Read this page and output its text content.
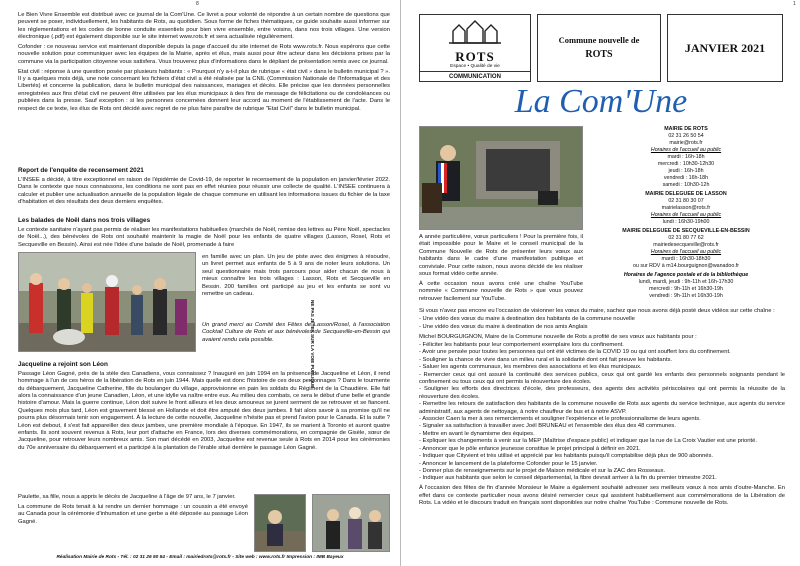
8

Le Bien Vivre Ensemble est distribué avec ce journal de la Com'Une. Ce livret a pour volonté de répondre à un certain nombre de questions que peuvent se poser, individuellement, les habitants de Rots, au quotidien. Sous forme de fiches thématiques, ce guide souhaite aussi informer sur les réglementations et les codes de bonne conduite essentiels pour bien vivre ensemble, entre voisins, dans nos trois villages. Une version électronique (.pdf) est également disponible sur le site internet www.rots.fr et sera actualisée régulièrement.

Cofonder : ce nouveau service est maintenant disponible depuis la page d'accueil du site internet de Rots www.rots.fr. Nous espérons que cette nouvelle solution pour communiquer avec les équipes de la Mairie, après et élus, mais aussi pour être acteur dans les décisions prises par la commune via la participation citoyenne vous satisfera. Vous trouverez plus d'informations dans le dépliant de présentation remis avec ce journal.

Etat civil : réponse à une question posée par plusieurs habitants : « Pourquoi n'y a-t-il plus de rubrique « état civil » dans le bulletin municipal ? ». Il y a quelques mois déjà, une note concernant les fichiers d'état civil a été réalisée par la CNIL (Commission Nationale de l'Informatique et des Libertés) et concerne la publication, dans le bulletin municipal des naissances, mariages et décès. Elle précise que les données personnelles enregistrées aux fins d'état civil ne peuvent être utilisées par les élus municipaux à des fins de message de félicitations ou de condoléances ou publiées dans la presse. Sauf exception : si les personnes concernées donnent leur accord au moment de l'établissement de l'acte. Dans le respect de ce texte, les élus de Rots ont décidé avec regret de ne plus faire paraître de rubrique "Etat Civil" dans le bulletin municipal.

Report de l'enquête de recensement 2021

L'INSEE a décidé, à titre exceptionnel en raison de l'épidémie de Covid-19, de reporter le recensement de la population en janvier/février 2022. Dans le contexte que nous connaissons, les conditions ne sont pas en effet réunies pour réussir une collecte de qualité. L'INSEE continuera à calculer et publier une actualisation annuelle de la population légale de chaque commune en utilisant les informations issues du fichier de la taxe d'habitation et des résultats des deux derniers enquêtes.

Les balades de Noël dans nos trois villages

Le contexte sanitaire n'ayant pas permis de réaliser les manifestations habituelles (marchés de Noël, remise des lettres au Père Noël, spectacles de Noël...), des bénévoles de Rots ont souhaité maintenir la magie de Noël pour les enfants de quatre villages (Lasson, Rosel, Rots et Secqueville en Bessin). Ainsi est née l'idée d'une balade de Noël, promenade à faire

en famille avec un plan. Un jeu de piste avec des énigmes à résoudre, un livret permet aux enfants de 5 à 9 ans de noter leurs solutions. Un seul questionnaire mais trois parcours pour aider chacun de nous à mieux connaître les trois villages : Lasson, Rots et Secqueville en Bessin. 200 familles ont participé au jeu et les enfants se sont vu remettre un cadeau.

Un grand merci au Comité des Fêtes de Lasson/Rosel, à l'association Cocktail Culture de Rots et aux bénévoles de Secqueville-en-Bessin qui avaient rendu cela possible.

Jacqueline a rejoint son Léon

Passage Léon Gagné, près de la stèle des Canadiens, vous connaissez ? Inauguré en juin 1994 en la présence de Jacqueline et Léon, il rend hommage à l'un de ces héros de la libération de Rots en juin 1944. Mais quelle est donc l'histoire de ces deux personnages ? Dans le tourmente du débarquement, Jacqueline Catherine, fille du boulanger du village, approvisionne en pain les soldats du Régiment de la Chaudière. Elle fait alors la connaissance d'un jeune Canadien, Léon, et une idylle va naître entre eux. Au milieu des combats, ce sera le début d'une belle et grande histoire d'amour. Mais la guerre continue, Léon doit suivre le front ailleurs et les deux amoureux se jurent serment de se retrouver et se fiancent. Quelques mois plus tard, Léon est gravement blessé en Hollande et doit être amputé des deux jambes. Il fait alors savoir à sa promise qu'il ne pourra plus désormais tenir son engagement. À la lecture de cette nouvelle, Jacqueline n'hésite pas et prend l'avion pour le Canada. Et la suite ? Léon est debout, il s'est fait appareiller des deux jambes, une première mondiale à l'époque. En 1947, ils se marient à Toronto et auront quatre enfants. Ils sont souvent revenus à Rots, leur port d'attache en France, lors des diverses commémorations, en compagnie de Gisèle, sœur de Jacqueline, pour retrouver leurs nombreux amis. Son mari décédé en 2003, Jacqueline est revenue seule à Rots en 2014 pour les cérémonies du 70e anniversaire du débarquement et a participé à la plantation de l'érable situé derrière le passage Léon Gagné.

Paulette, sa fille, nous a appris le décès de Jacqueline à l'âge de 97 ans, le 7 janvier.

La commune de Rots tenait à lui rendre un dernier hommage : un coussin a été envoyé au Canada pour la cérémonie d'inhumation et une gerbe a été déposée au passage Léon Gagné.

Réalisation Mairie de Rots - Tél. : 02 31 26 50 54 - Email : mairiedrots@rots.fr - Site web : www.rots.fr Impression : IMB Bayeux
NE PAS JETER SUR LA VOIE PUBLIQUE
1
ROTS
Espace • Qualité de vie
COMMUNICATION
Commune nouvelle de
ROTS	JANVIER 2021
La Com'Une
MAIRIE DE ROTS
02 31 26 50 54
mairie@rots.fr
Horaires de l'accueil au public
mardi : 16h-18h
mercredi : 10h30-12h30
jeudi : 16h-18h
vendredi : 16h-18h
samedi : 10h30-12h
MAIRIE DELEGUEE DE LASSON
02 31 80 30 07
mairielasson@rots.fr
Horaires de l'accueil au public
lundi : 16h30-19h00
MAIRIE DELEGUEE DE SECQUEVILLE-EN-BESSIN
02 31 80 77 62
mairiedesecqueville@rots.fr
Horaires de l'accueil au public
mardi : 16h30-18h30
ou sur RDV à m14.bourguignon@wanadoo.fr
Horaires de l'agence postale et de la bibliothèque
lundi, mardi, jeudi : 9h-11h et 16h-17h30
mercredi : 9h-11h et 16h30-19h
vendredi : 9h-11h et 16h30-19h

À année particulière, vœux particuliers ! Pour la première fois, il était impossible pour le Maire et le conseil municipal de la Commune Nouvelle de Rots de présenter leurs vœux aux habitants dans le cadre d'une manifestation publique et conviviale. Pour cette raison, nous avons décidé de les réaliser sous format vidéo cette année.

À cette occasion nous avons créé une chaîne YouTube nommée « Commune nouvelle de Rots » que vous pouvez retrouver facilement sur YouTube.

Si vous n'avez pas encore eu l'occasion de visionner les vœux du maire, sachez que nous avons déjà posté deux vidéos sur cette chaîne :

- Une vidéo des vœux du maire à destination des habitants de la commune nouvelle
- Une vidéo des vœux du maire à destination de nos amis Anglais

Michel BOURGUIGNON, Maire de la Commune nouvelle de Rots a profité de ses vœux aux habitants pour :

- Féliciter les habitants pour leur comportement exemplaire lors du confinement.
- Avoir une pensée pour toutes les personnes qui ont été victimes de la COVID 19 ou qui ont souffert lors du confinement.
- Souligner la chance de vivre dans un milieu rural et la solidarité dont ont fait preuve les habitants.
- Saluer les agents communaux, les membres des associations et les élus municipaux.
- Remercier ceux qui ont assuré la continuité des services publics, ceux qui ont gardé les enfants des personnels soignants pendant le confinement ou tous ceux qui ont permis la réouverture des écoles.
- Souligner les efforts des directrices d'école, des professeurs, des agents des activités périscolaires qui ont permis la réussite de la réouverture des écoles.
- Remettre les retours de satisfaction des habitants de la commune nouvelle de Rots aux agents du service technique, aux agents du service administratif, aux agents de nettoyage, à notre chauffeur de bus et à notre ASVP.
- Associer Caen la mer à ses remerciements et souligner l'expérience et le professionnalisme de leurs agents.
- Signaler sa satisfaction à travailler avec Joël BRUNEAU et l'ensemble des élus des 48 communes.
- Mettre en avant le dynamisme des équipes.
- Expliquer les changements à venir sur la MEP (Maîtrise d'espace public) et indiquer que la rue de La Croix Vautier est une priorité.
- Annoncer que le pôle enfance jeunesse constitue le projet principal à définir en 2021.
- Indiquer que Cityvient et très utilisé et apprécié par les habitants puisqu'il comptabilise déjà plus de 900 abonnés.
- Annoncer le lancement de la plateforme Cofonder pour le 15 janvier.
- Donner plus de renseignements sur le projet de Maison médicale et sur la ZAC des Rosseaux.
- Indiquer aux habitants que selon le conseil départemental, la fibre devrait arriver à la fin du premier trimestre 2021.

À l'occasion des fêtes de fin d'année Monsieur le Maire a également souhaité adresser ses meilleurs vœux à nos amis d'outre-Manche. En effet dans ce contexte particulier nous avons désiré remercier ceux qui assistent habituellement aux commémorations de la Libération de Rots. La vidéo et le discours traduit en français sont disponibles sur notre chaîne YouTube : Commune nouvelle de Rots.
